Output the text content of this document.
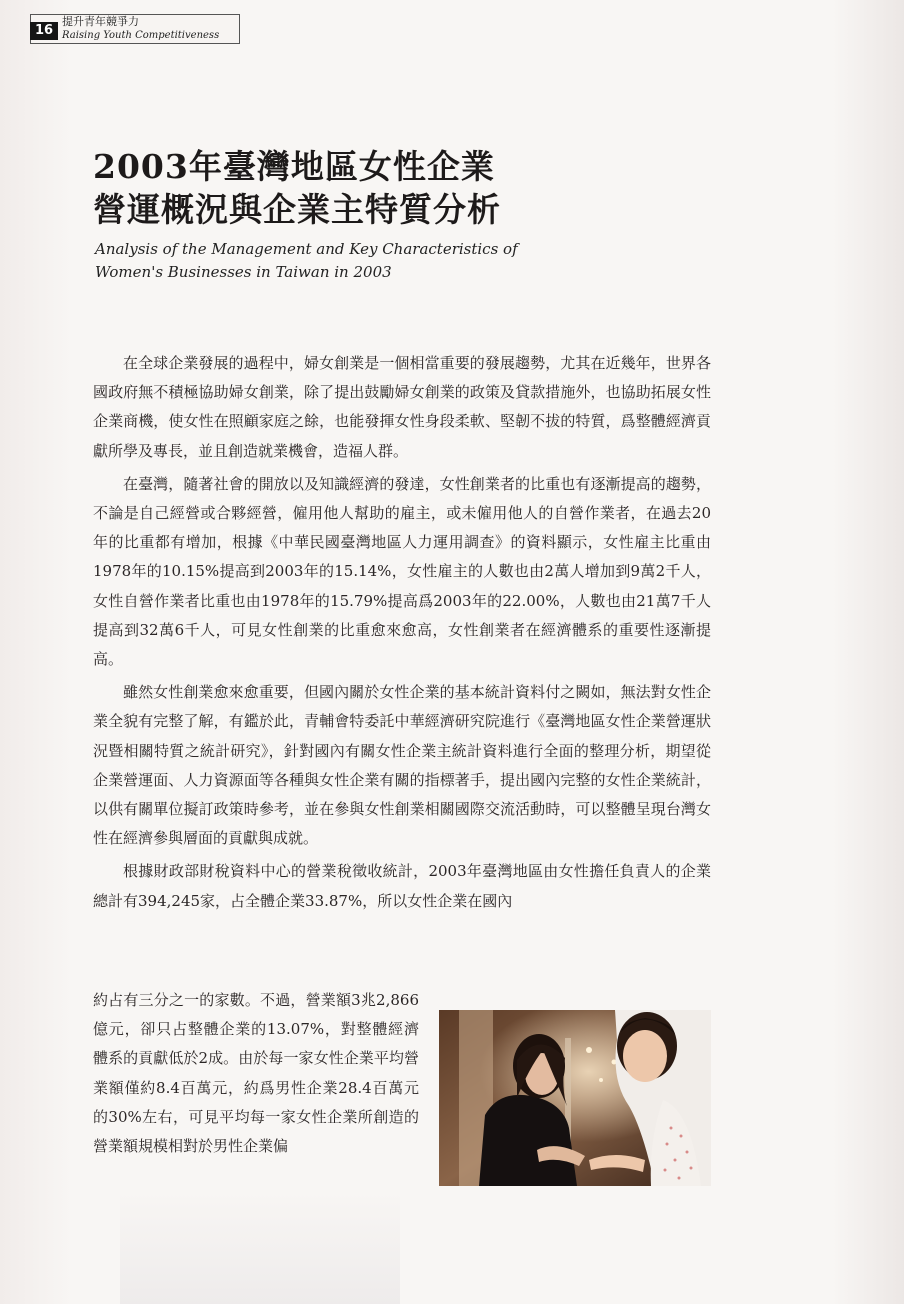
16
提升青年競爭力
Raising Youth Competitiveness
2003年臺灣地區女性企業
營運概況與企業主特質分析
Analysis of the Management and Key Characteristics of
Women's Businesses in Taiwan in 2003

在全球企業發展的過程中，婦女創業是一個相當重要的發展趨勢，尤其在近幾年，世界各國政府無不積極協助婦女創業，除了提出鼓勵婦女創業的政策及貸款措施外，也協助拓展女性企業商機，使女性在照顧家庭之餘，也能發揮女性身段柔軟、堅韌不拔的特質，爲整體經濟貢獻所學及專長，並且創造就業機會，造福人群。

在臺灣，隨著社會的開放以及知識經濟的發達，女性創業者的比重也有逐漸提高的趨勢，不論是自己經營或合夥經營，僱用他人幫助的雇主，或未僱用他人的自營作業者，在過去20年的比重都有增加，根據《中華民國臺灣地區人力運用調查》的資料顯示，女性雇主比重由1978年的10.15%提高到2003年的15.14%，女性雇主的人數也由2萬人增加到9萬2千人，女性自營作業者比重也由1978年的15.79%提高爲2003年的22.00%，人數也由21萬7千人提高到32萬6千人，可見女性創業的比重愈來愈高，女性創業者在經濟體系的重要性逐漸提高。

雖然女性創業愈來愈重要，但國內關於女性企業的基本統計資料付之闕如，無法對女性企業全貌有完整了解，有鑑於此，青輔會特委託中華經濟研究院進行《臺灣地區女性企業營運狀況暨相關特質之統計研究》，針對國內有關女性企業主統計資料進行全面的整理分析，期望從企業營運面、人力資源面等各種與女性企業有關的指標著手，提出國內完整的女性企業統計，以供有關單位擬訂政策時參考，並在參與女性創業相關國際交流活動時，可以整體呈現台灣女性在經濟參與層面的貢獻與成就。

根據財政部財稅資料中心的營業稅徵收統計，2003年臺灣地區由女性擔任負責人的企業總計有394,245家，占全體企業33.87%，所以女性企業在國內

約占有三分之一的家數。不過，營業額3兆2,866億元，卻只占整體企業的13.07%，對整體經濟體系的貢獻低於2成。由於每一家女性企業平均營業額僅約8.4百萬元，約爲男性企業28.4百萬元的30%左右，可見平均每一家女性企業所創造的營業額規模相對於男性企業偏
